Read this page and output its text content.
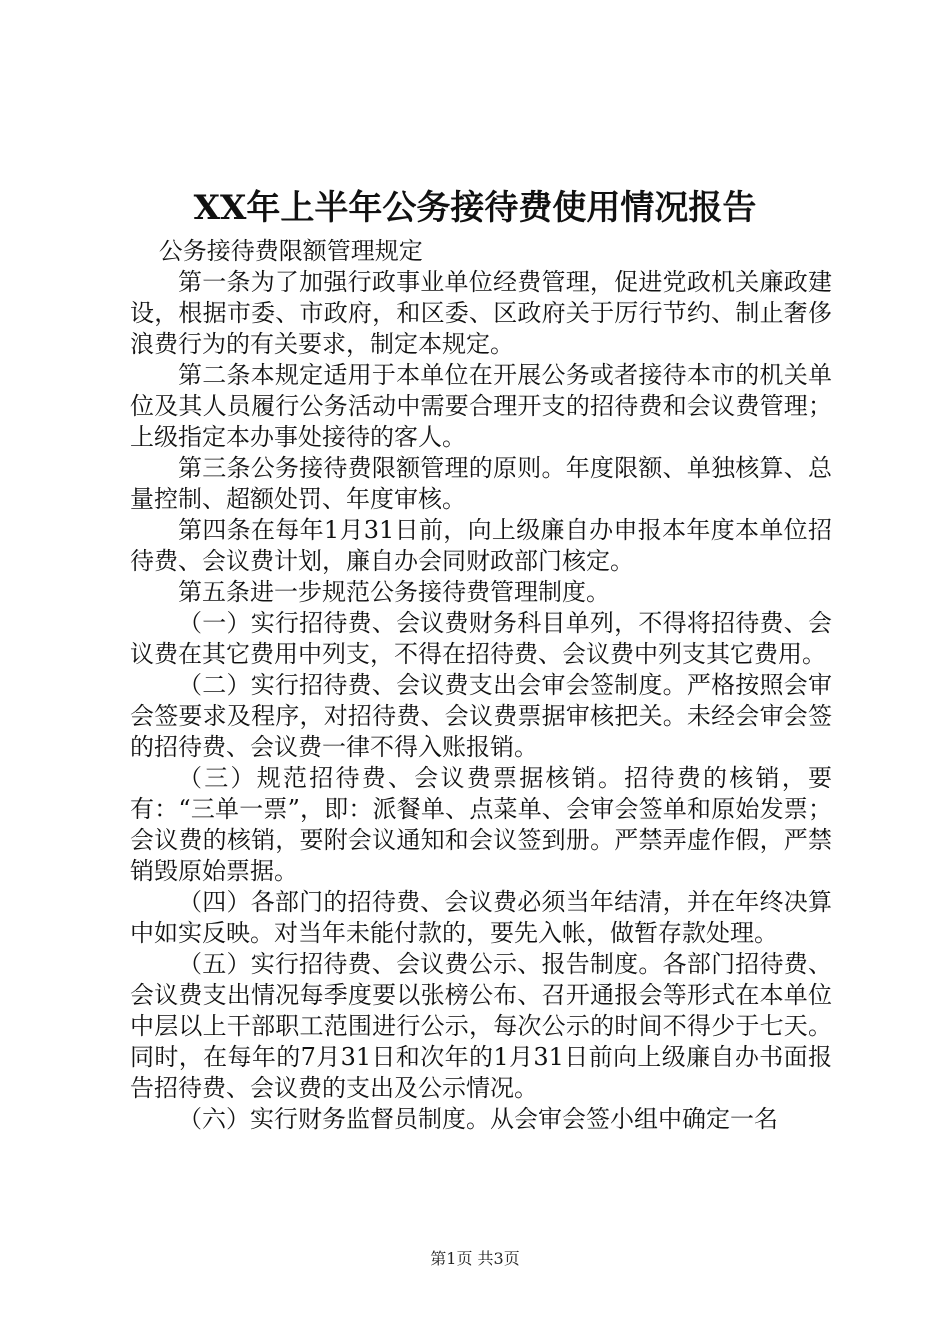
XX年上半年公务接待费使用情况报告

公务接待费限额管理规定

第一条为了加强行政事业单位经费管理，促进党政机关廉政建设，根据市委、市政府，和区委、区政府关于厉行节约、制止奢侈浪费行为的有关要求，制定本规定。

第二条本规定适用于本单位在开展公务或者接待本市的机关单位及其人员履行公务活动中需要合理开支的招待费和会议费管理；上级指定本办事处接待的客人。

第三条公务接待费限额管理的原则。年度限额、单独核算、总量控制、超额处罚、年度审核。

第四条在每年1月31日前，向上级廉自办申报本年度本单位招待费、会议费计划，廉自办会同财政部门核定。

第五条进一步规范公务接待费管理制度。

（一）实行招待费、会议费财务科目单列，不得将招待费、会议费在其它费用中列支，不得在招待费、会议费中列支其它费用。

（二）实行招待费、会议费支出会审会签制度。严格按照会审会签要求及程序，对招待费、会议费票据审核把关。未经会审会签的招待费、会议费一律不得入账报销。

（三）规范招待费、会议费票据核销。招待费的核销，要有：“三单一票”，即：派餐单、点菜单、会审会签单和原始发票；会议费的核销，要附会议通知和会议签到册。严禁弄虚作假，严禁销毁原始票据。

（四）各部门的招待费、会议费必须当年结清，并在年终决算中如实反映。对当年未能付款的，要先入帐，做暂存款处理。

（五）实行招待费、会议费公示、报告制度。各部门招待费、会议费支出情况每季度要以张榜公布、召开通报会等形式在本单位中层以上干部职工范围进行公示，每次公示的时间不得少于七天。同时，在每年的7月31日和次年的1月31日前向上级廉自办书面报告招待费、会议费的支出及公示情况。

（六）实行财务监督员制度。从会审会签小组中确定一名

第1页 共3页
